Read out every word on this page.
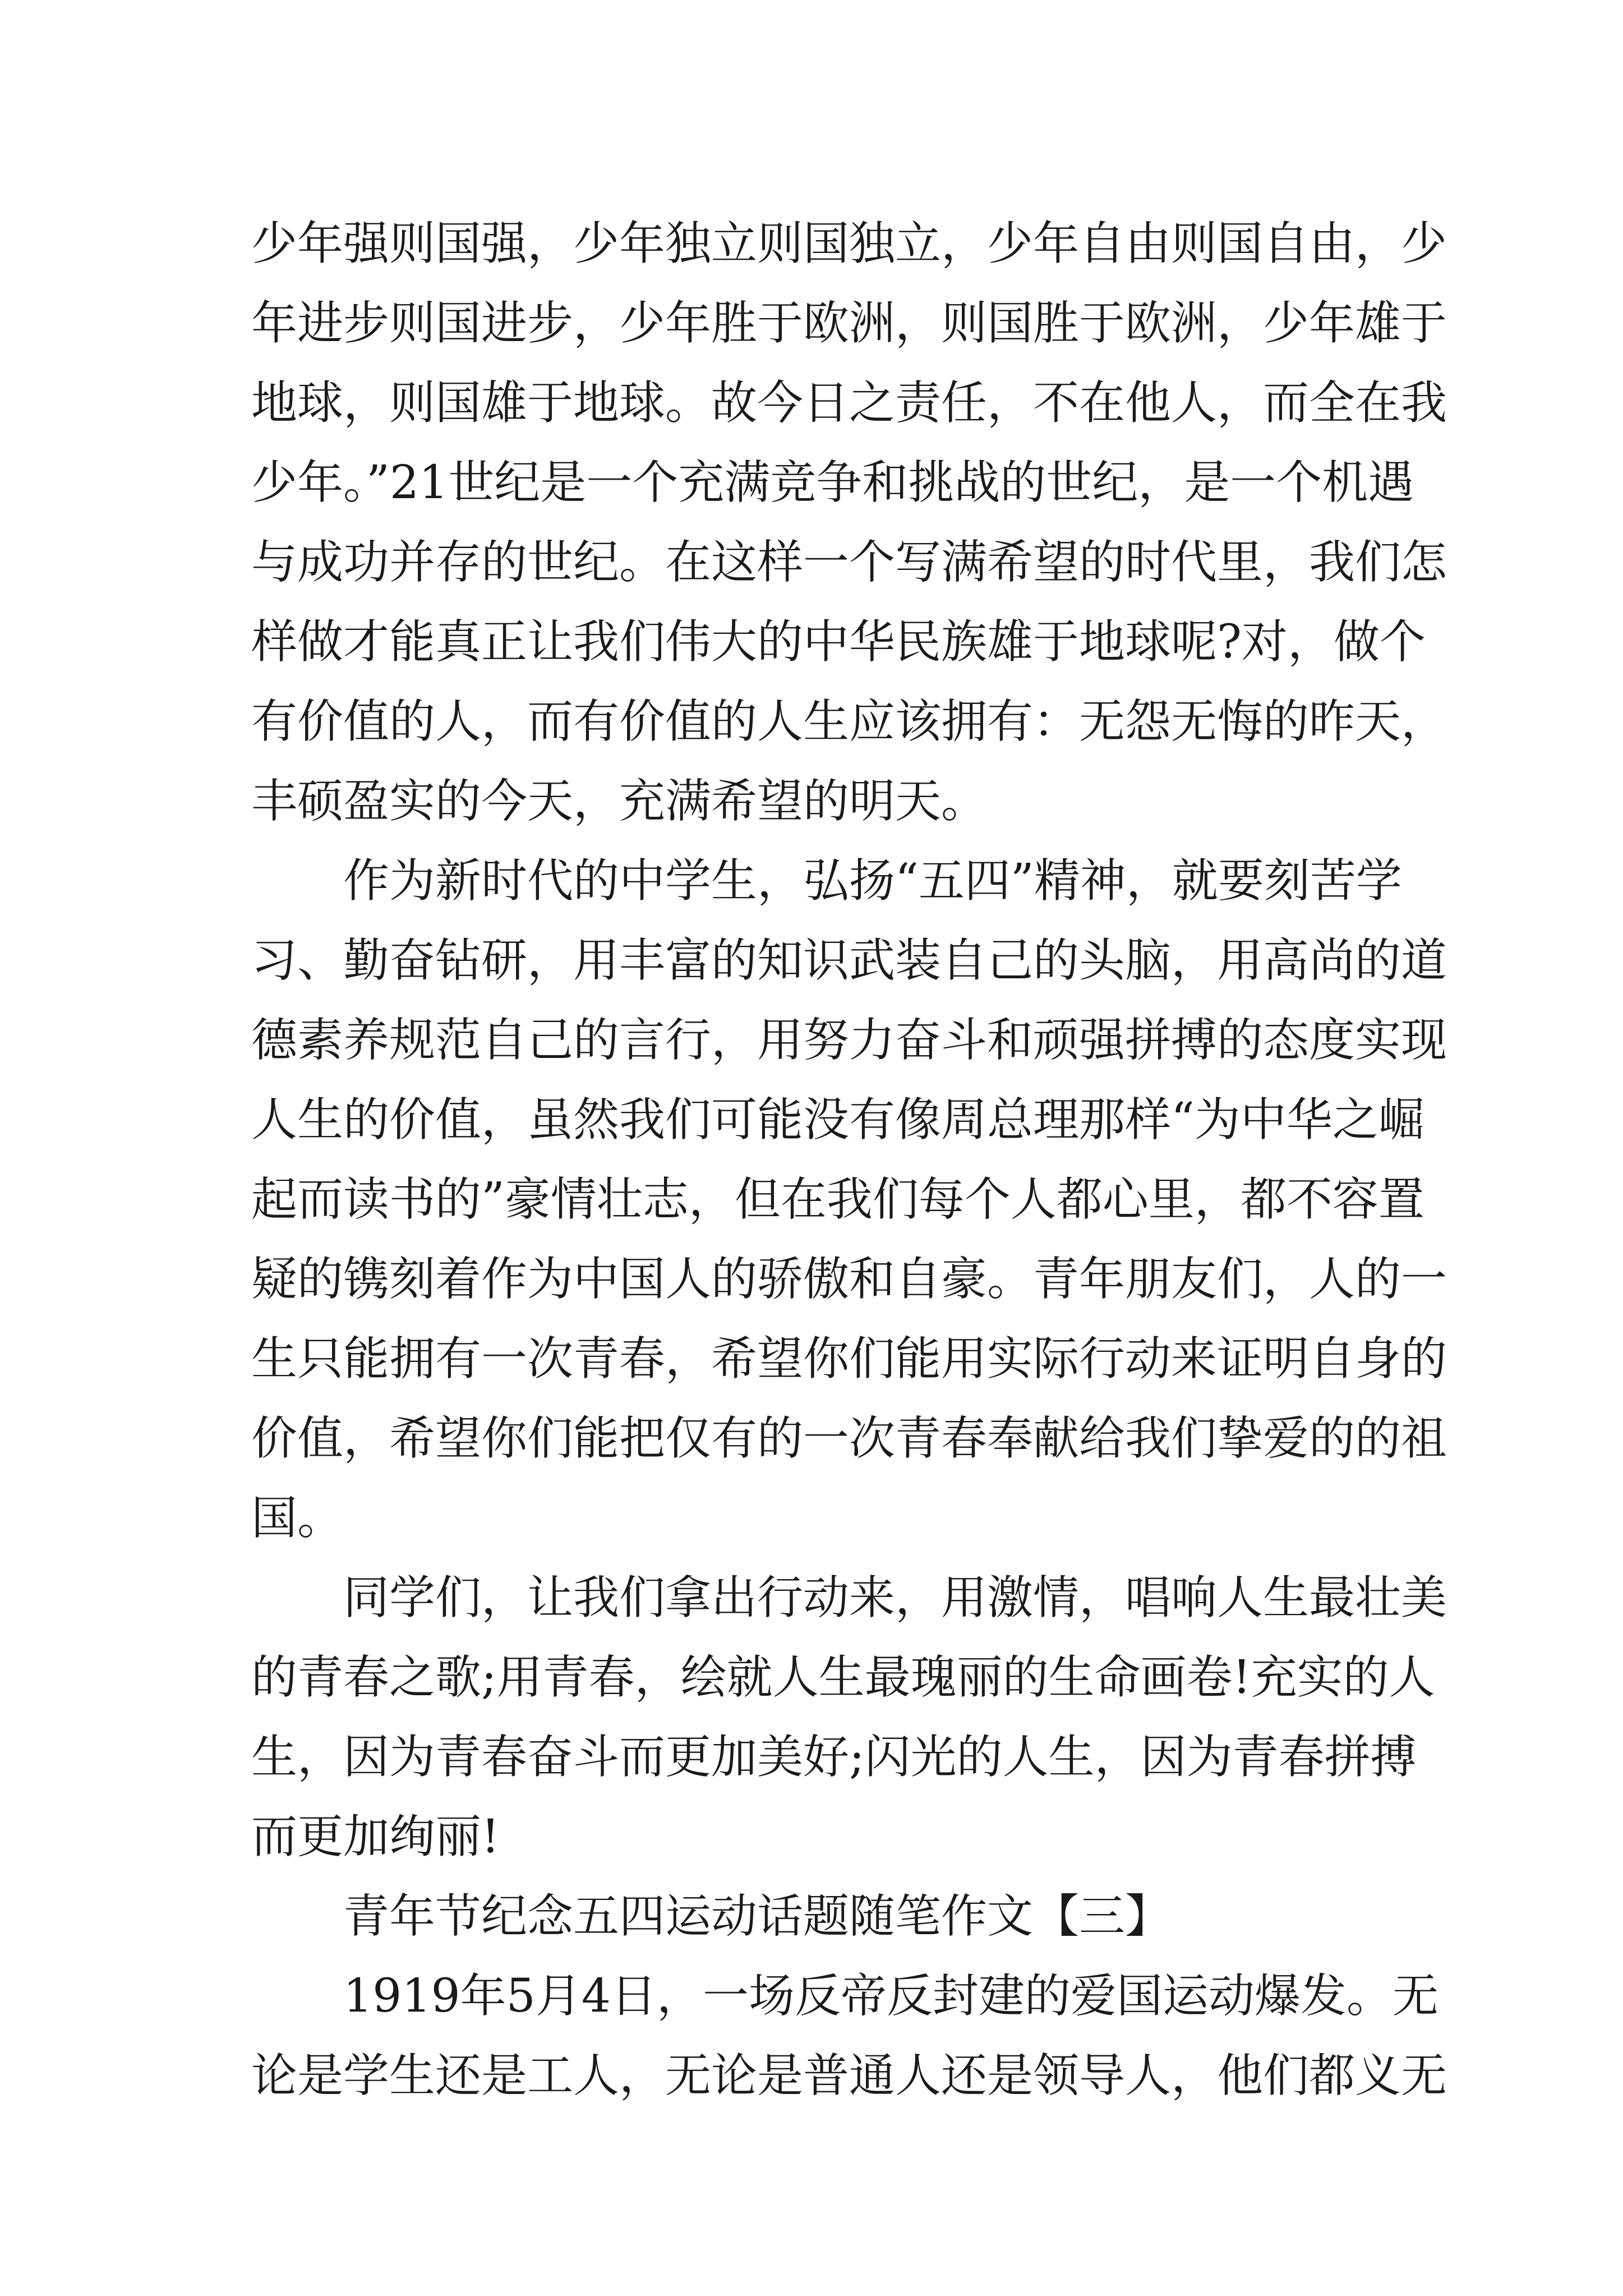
少年强则国强，少年独立则国独立，少年自由则国自由，少
年进步则国进步，少年胜于欧洲，则国胜于欧洲，少年雄于
地球，则国雄于地球。故今日之责任，不在他人，而全在我
少年。”21世纪是一个充满竞争和挑战的世纪，是一个机遇
与成功并存的世纪。在这样一个写满希望的时代里，我们怎
样做才能真正让我们伟大的中华民族雄于地球呢?对，做个
有价值的人，而有价值的人生应该拥有：无怨无悔的昨天，
丰硕盈实的今天，充满希望的明天。
作为新时代的中学生，弘扬“五四”精神，就要刻苦学
习、勤奋钻研，用丰富的知识武装自己的头脑，用高尚的道
德素养规范自己的言行，用努力奋斗和顽强拼搏的态度实现
人生的价值，虽然我们可能没有像周总理那样“为中华之崛
起而读书的”豪情壮志，但在我们每个人都心里，都不容置
疑的镌刻着作为中国人的骄傲和自豪。青年朋友们，人的一
生只能拥有一次青春，希望你们能用实际行动来证明自身的
价值，希望你们能把仅有的一次青春奉献给我们挚爱的的祖
国。
同学们，让我们拿出行动来，用激情，唱响人生最壮美
的青春之歌;用青春，绘就人生最瑰丽的生命画卷!充实的人
生，因为青春奋斗而更加美好;闪光的人生，因为青春拼搏
而更加绚丽!
青年节纪念五四运动话题随笔作文【三】
1919年5月4日，一场反帝反封建的爱国运动爆发。无
论是学生还是工人，无论是普通人还是领导人，他们都义无
